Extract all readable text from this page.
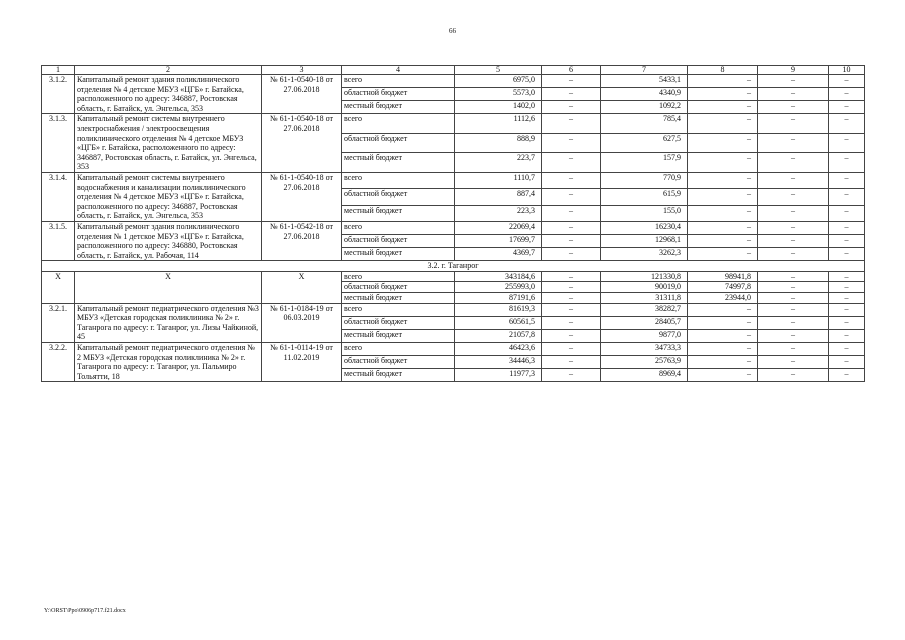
66
1	2	3	4	5	6	7	8	9	10
3.1.2.	Капитальный ремонт здания поликлинического отделения № 4 детское МБУЗ «ЦГБ» г. Батайска, расположенного по адресу: 346887, Ростовская область, г. Батайск, ул. Энгельса, 353	№ 61-1-0540-18 от 27.06.2018	всего	6975,0	–	5433,1	–	–	–
			областной бюджет	5573,0	–	4340,9	–	–	–
			местный бюджет	1402,0	–	1092,2	–	–	–
3.1.3.	Капитальный ремонт системы внутреннего электроснабжения / электроосвещения поликлинического отделения № 4 детское МБУЗ «ЦГБ» г. Батайска, расположенного по адресу: 346887, Ростовская область, г. Батайск, ул. Энгельса, 353	№ 61-1-0540-18 от 27.06.2018	всего	1112,6	–	785,4	–	–	–
			областной бюджет	888,9	–	627,5	–	–	–
			местный бюджет	223,7	–	157,9	–	–	–
3.1.4.	Капитальный ремонт системы внутреннего водоснабжения и канализации поликлинического отделения № 4 детское МБУЗ «ЦГБ» г. Батайска, расположенного по адресу: 346887, Ростовская область, г. Батайск, ул. Энгельса, 353	№ 61-1-0540-18 от 27.06.2018	всего	1110,7	–	770,9	–	–	–
			областной бюджет	887,4	–	615,9	–	–	–
			местный бюджет	223,3	–	155,0	–	–	–
3.1.5.	Капитальный ремонт здания поликлинического отделения № 1 детское МБУЗ «ЦГБ» г. Батайска, расположенного по адресу: 346880, Ростовская область, г. Батайск, ул. Рабочая, 114	№ 61-1-0542-18 от 27.06.2018	всего	22069,4	–	16230,4	–	–	–
			областной бюджет	17699,7	–	12968,1	–	–	–
			местный бюджет	4369,7	–	3262,3	–	–	–
3.2. г. Таганрог									
Х	Х	Х	всего	343184,6	–	121330,8	98941,8	–	–
			областной бюджет	255993,0	–	90019,0	74997,8	–	–
			местный бюджет	87191,6	–	31311,8	23944,0	–	–
3.2.1.	Капитальный ремонт педиатрического отделения №3 МБУЗ «Детская городская поликлиника № 2» г. Таганрога по адресу: г. Таганрог, ул. Лизы Чайкиной, 45	№ 61-1-0184-19 от 06.03.2019	всего	81619,3	–	38282,7	–	–	–
			областной бюджет	60561,5	–	28405,7	–	–	–
			местный бюджет	21057,8	–	9877,0	–	–	–
3.2.2.	Капитальный ремонт педиатрического отделения № 2 МБУЗ «Детская городская поликлиника № 2» г. Таганрога по адресу: г. Таганрог, ул. Пальмиро Тольятти, 18	№ 61-1-0114-19 от 11.02.2019	всего	46423,6	–	34733,3	–	–	–
			областной бюджет	34446,3	–	25763,9	–	–	–
			местный бюджет	11977,3	–	8969,4	–	–	–
Y:\ORST\Ppo\0906p717.f21.docx
